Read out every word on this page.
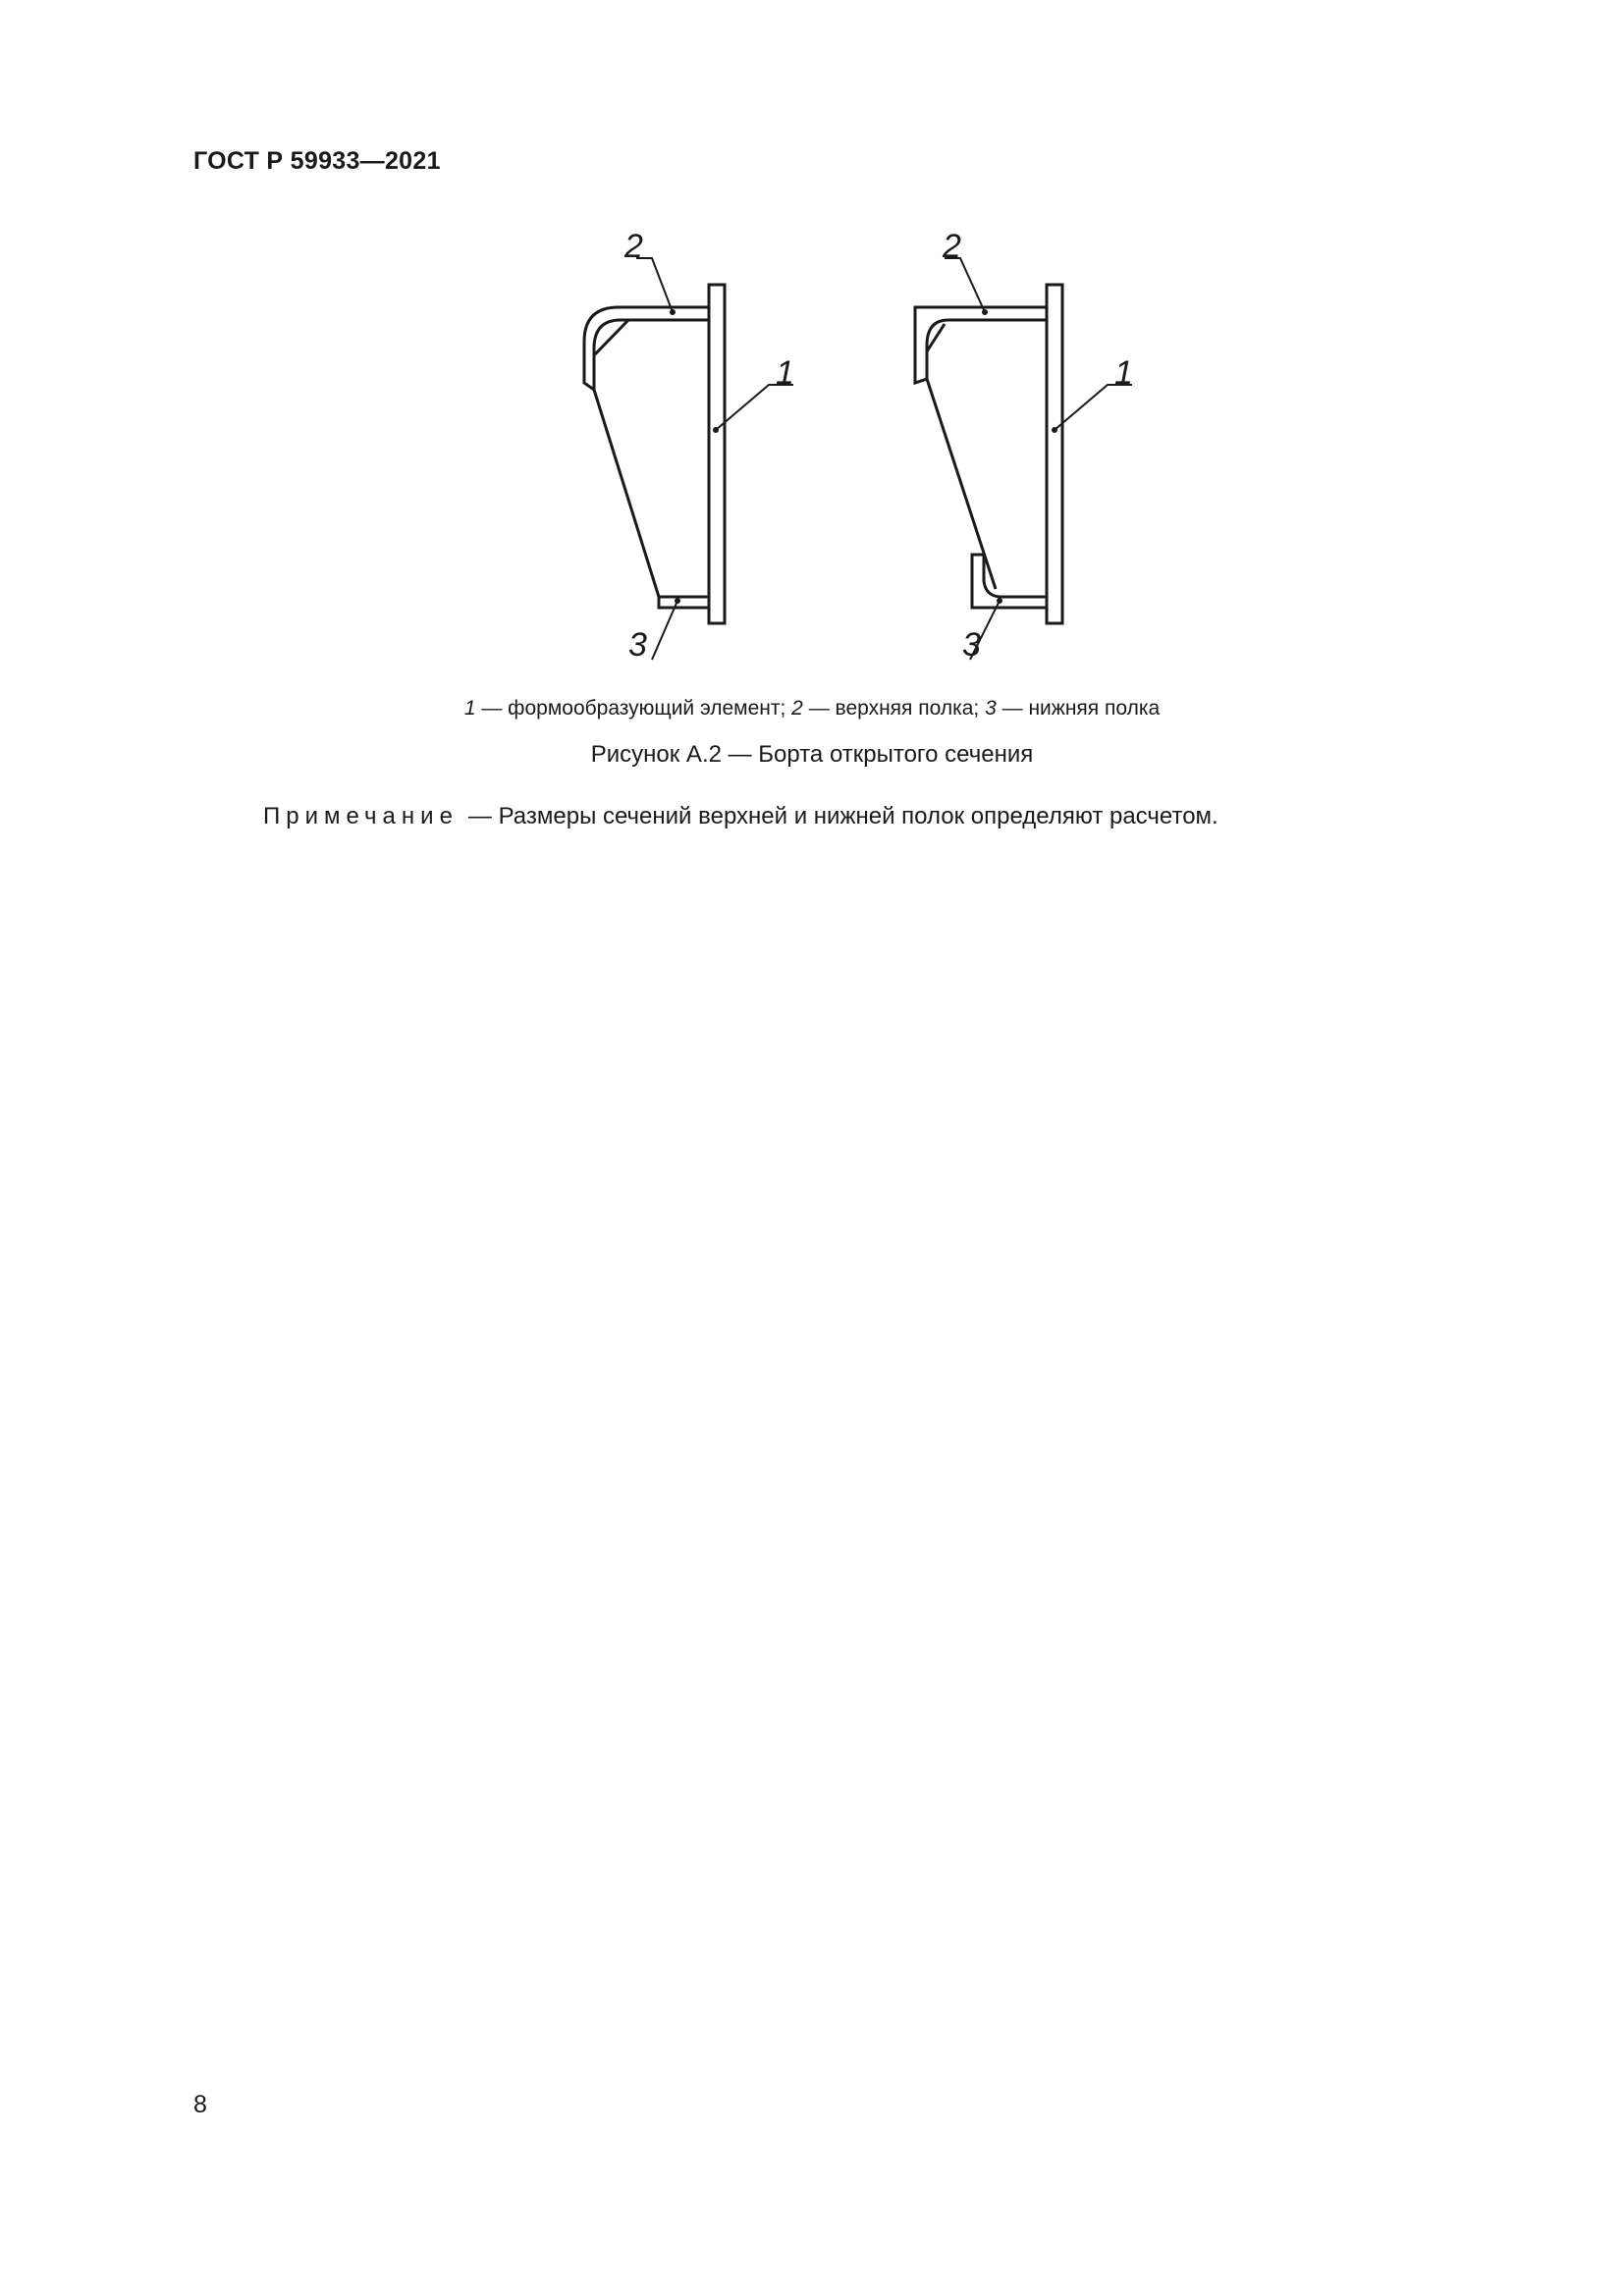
ГОСТ Р 59933—2021
2
1
3
2
1
3
1 — формообразующий элемент; 2 — верхняя полка; 3 — нижняя полка
Рисунок А.2 — Борта открытого сечения
Примечание — Размеры сечений верхней и нижней полок определяют расчетом.
8
